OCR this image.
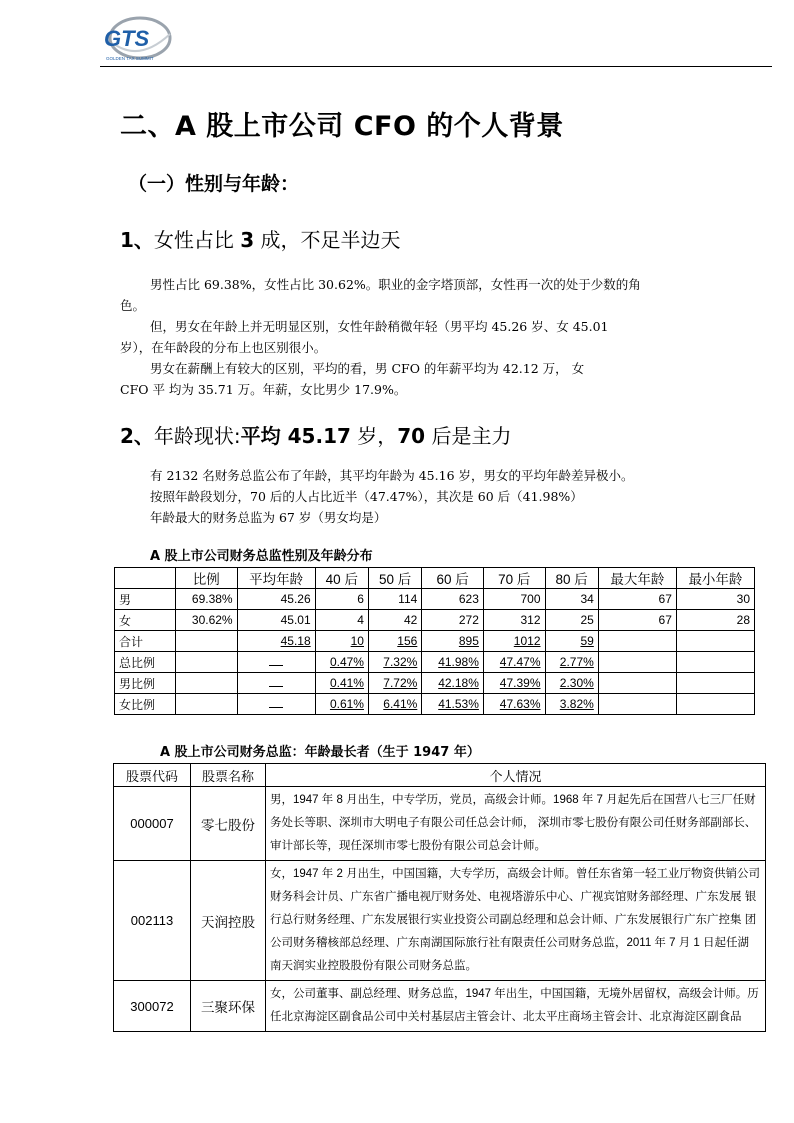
GTS
GOLDEN TAX SUMMIT
二、A 股上市公司 CFO 的个人背景
（一）性别与年龄：
1、女性占比 3 成，不足半边天
男性占比 69.38%，女性占比 30.62%。职业的金字塔顶部，女性再一次的处于少数的角
色。
但，男女在年龄上并无明显区别，女性年龄稍微年轻（男平均 45.26 岁、女 45.01
岁），在年龄段的分布上也区别很小。
男女在薪酬上有较大的区别，平均的看，男 CFO 的年薪平均为 42.12 万， 女
CFO 平 均为 35.71 万。年薪，女比男少 17.9%。
2、年龄现状:平均 45.17 岁，70 后是主力
有 2132 名财务总监公布了年龄，其平均年龄为 45.16 岁，男女的平均年龄差异极小。
按照年龄段划分，70 后的人占比近半（47.47%），其次是 60 后（41.98%）
年龄最大的财务总监为 67 岁（男女均是）
A 股上市公司财务总监性别及年龄分布
	比例	平均年龄	40 后	50 后	60 后	70 后	80 后	最大年龄	最小年龄
男	69.38%	45.26	6	114	623	700	34	67	30
女	30.62%	45.01	4	42	272	312	25	67	28
合计		45.18	10	156	895	1012	59		
总比例			0.47%	7.32%	41.98%	47.47%	2.77%		
男比例			0.41%	7.72%	42.18%	47.39%	2.30%		
女比例			0.61%	6.41%	41.53%	47.63%	3.82%		
A 股上市公司财务总监：年龄最长者（生于 1947 年）
股票代码	股票名称	个人情况
000007	零七股份	男，1947 年 8 月出生，中专学历，党员，高级会计师。1968 年 7 月起先后在国营八七三厂任财务处长等职、深圳市大明电子有限公司任总会计师， 深圳市零七股份有限公司任财务部副部长、审计部长等，现任深圳市零七股份有限公司总会计师。
002113	天润控股	女，1947 年 2 月出生，中国国籍，大专学历，高级会计师。曾任东省第一轻工业厅物资供销公司财务科会计员、广东省广播电视厅财务处、电视塔游乐中心、广视宾馆财务部经理、广东发展 银行总行财务经理、广东发展银行实业投资公司副总经理和总会计师、广东发展银行广东广控集 团公司财务稽核部总经理、广东南湖国际旅行社有限责任公司财务总监，2011 年 7 月 1 日起任湖 南天润实业控股股份有限公司财务总监。
300072	三聚环保	女，公司董事、副总经理、财务总监，1947 年出生，中国国籍，无境外居留权，高级会计师。历任北京海淀区副食品公司中关村基层店主管会计、北太平庄商场主管会计、北京海淀区副食品
